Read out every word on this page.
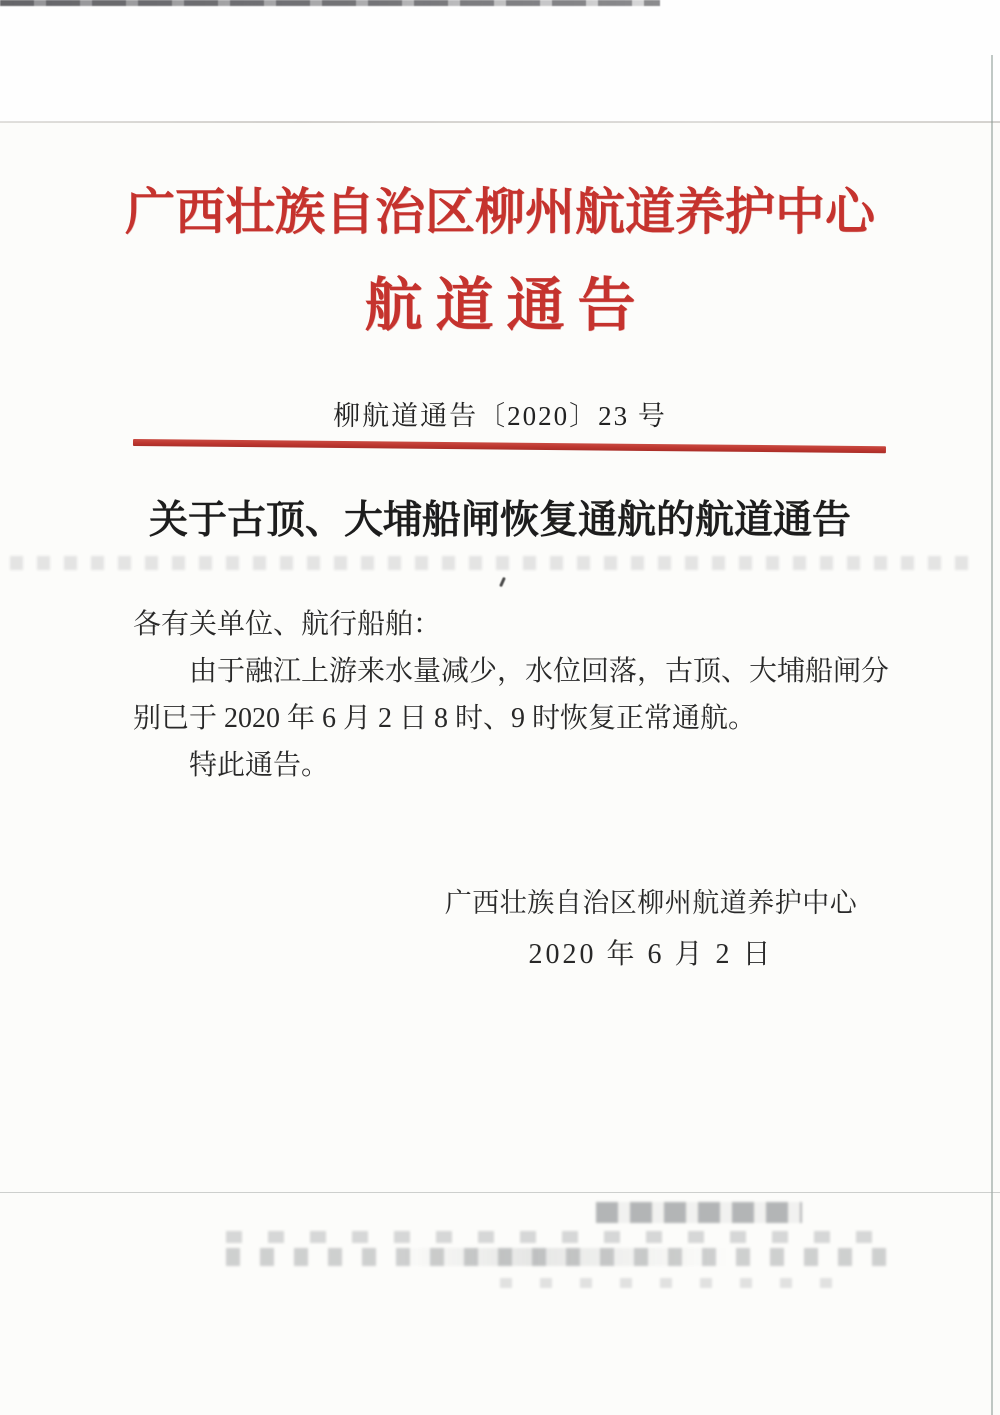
广西壮族自治区柳州航道养护中心
航道通告
柳航道通告〔2020〕23 号
关于古顶、大埔船闸恢复通航的航道通告

各有关单位、航行船舶：

由于融江上游来水量减少，水位回落，古顶、大埔船闸分别已于 2020 年 6 月 2 日 8 时、9 时恢复正常通航。

特此通告。

广西壮族自治区柳州航道养护中心
2020 年 6 月 2 日
